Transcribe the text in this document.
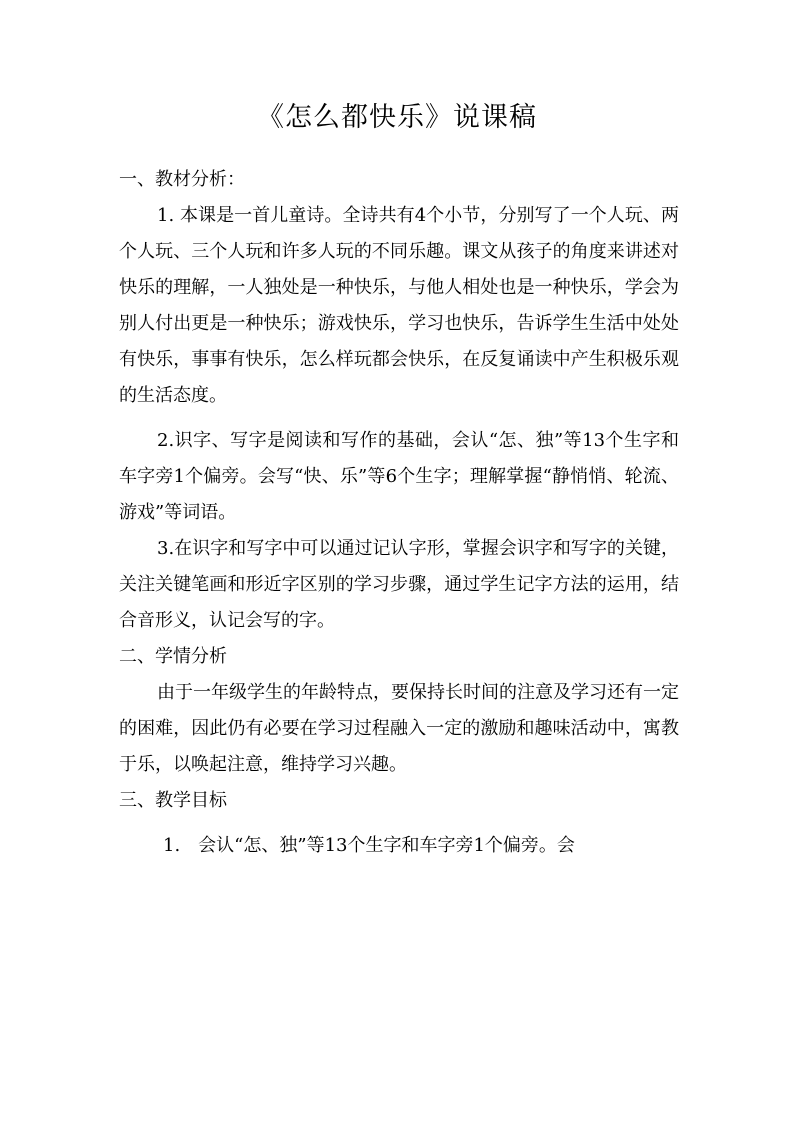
《怎么都快乐》说课稿
一、教材分析：

1. 本课是一首儿童诗。全诗共有4个小节，分别写了一个人玩、两个人玩、三个人玩和许多人玩的不同乐趣。课文从孩子的角度来讲述对快乐的理解，一人独处是一种快乐，与他人相处也是一种快乐，学会为别人付出更是一种快乐；游戏快乐，学习也快乐，告诉学生生活中处处有快乐，事事有快乐，怎么样玩都会快乐，在反复诵读中产生积极乐观的生活态度。

2.识字、写字是阅读和写作的基础，会认“怎、独”等13个生字和车字旁1个偏旁。会写“快、乐”等6个生字；理解掌握“静悄悄、轮流、游戏”等词语。

3.在识字和写字中可以通过记认字形，掌握会识字和写字的关键，关注关键笔画和形近字区别的学习步骤，通过学生记字方法的运用，结合音形义，认记会写的字。

二、学情分析

由于一年级学生的年龄特点，要保持长时间的注意及学习还有一定的困难，因此仍有必要在学习过程融入一定的激励和趣味活动中，寓教于乐，以唤起注意，维持学习兴趣。

三、教学目标

1.　会认“怎、独”等13个生字和车字旁1个偏旁。会
